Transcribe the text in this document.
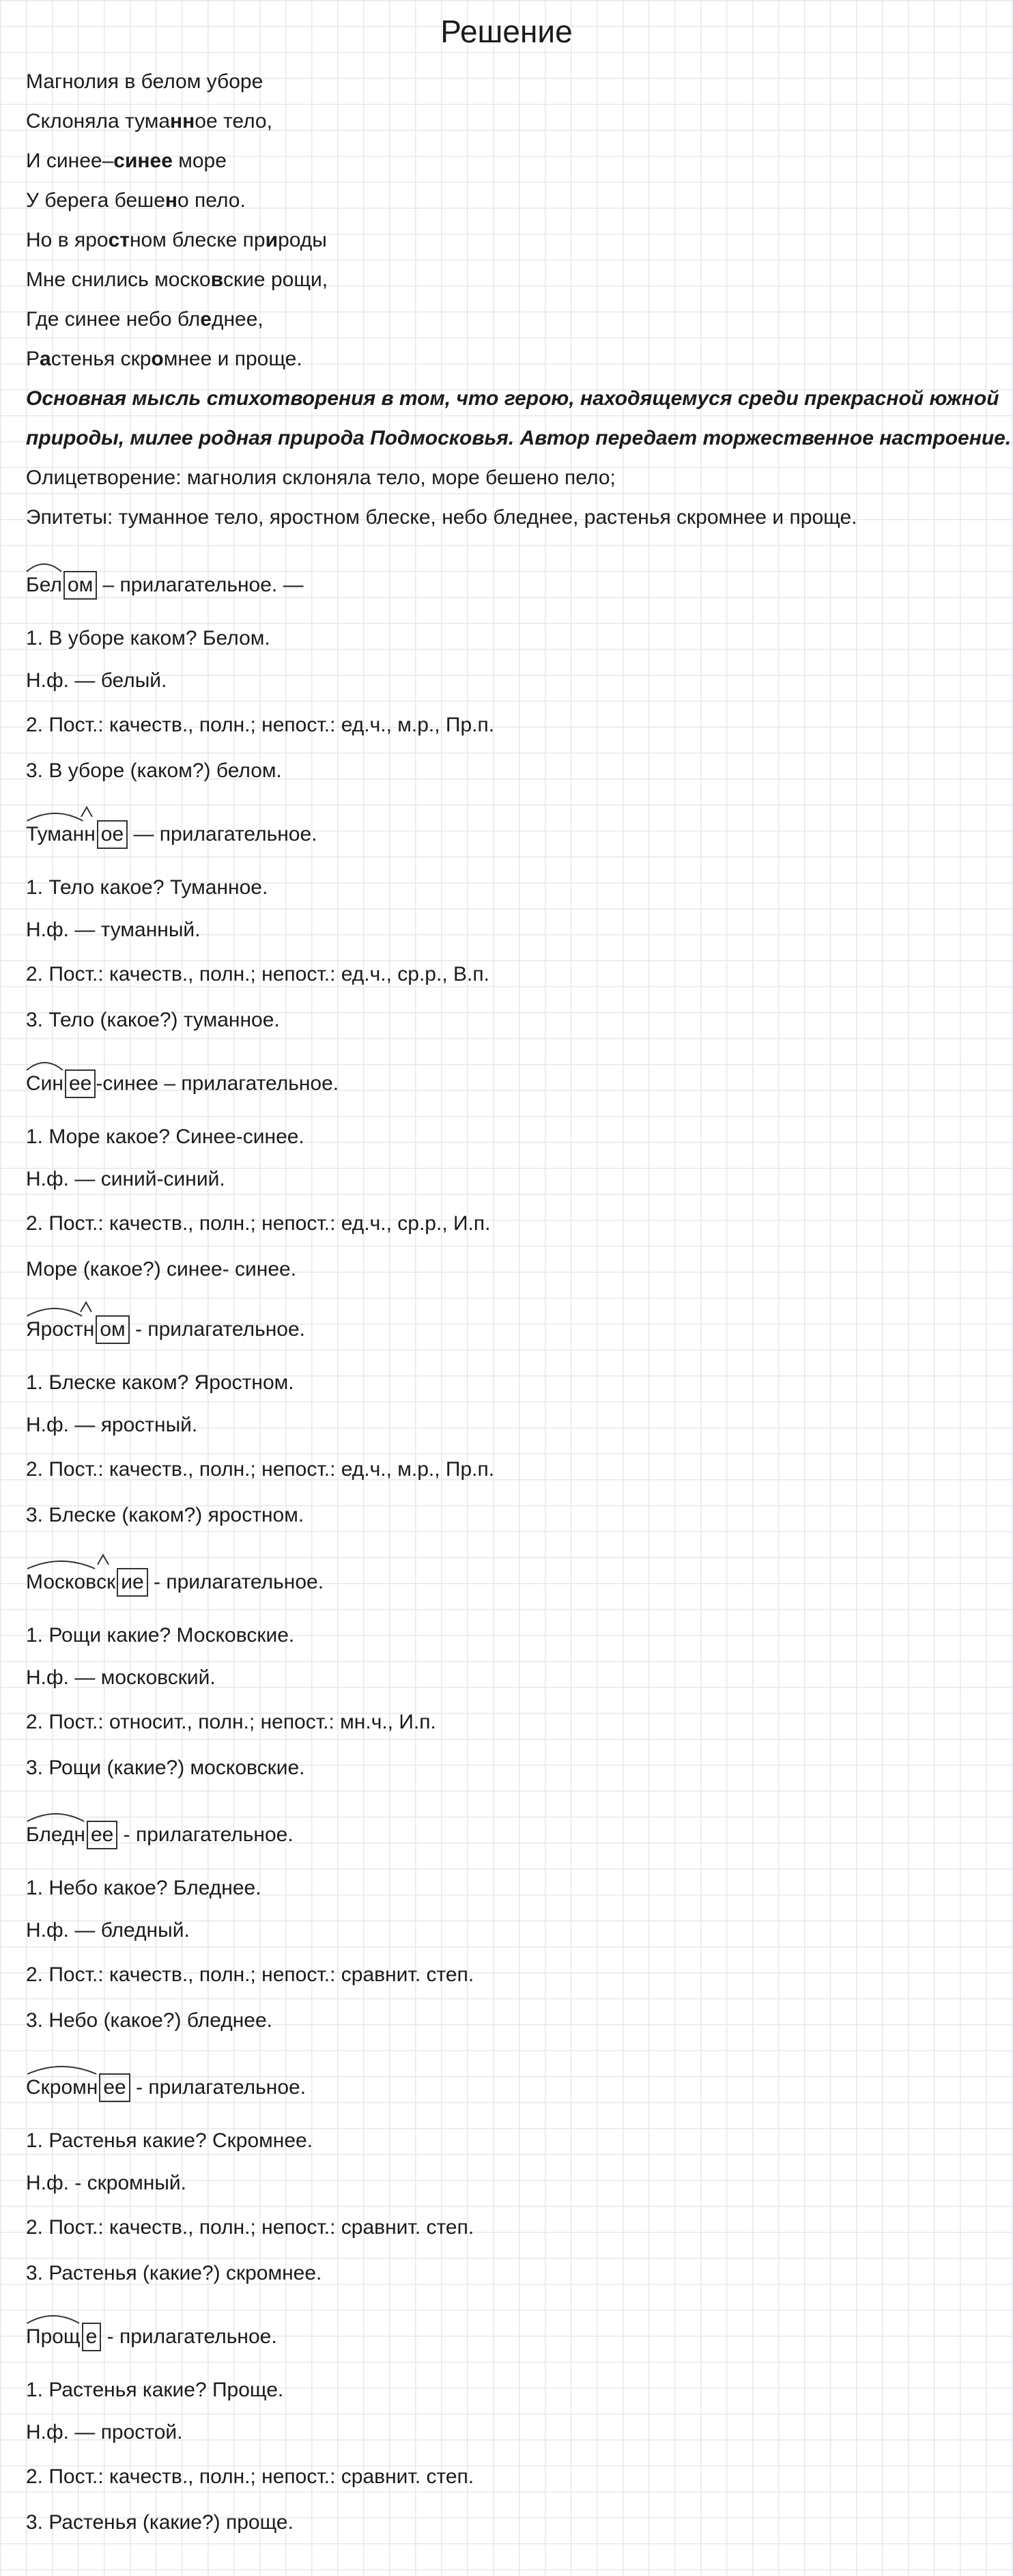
Решение
Магнолия в белом уборе
Склоняла туманное тело,
И синее–синее море
У берега бешено пело.
Но в яростном блеске природы
Мне снились московские рощи,
Где синее небо бледнее,
Растенья скромнее и проще.
Основная мысль стихотворения в том, что герою, находящемуся среди прекрасной южной
природы, милее родная природа Подмосковья. Автор передает торжественное настроение.
Олицетворение: магнолия склоняла тело, море бешено пело;
Эпитеты: туманное тело, яростном блеске, небо бледнее, растенья скромнее и проще.
Бел ом – прилагательное. —
1. В уборе каком? Белом.
Н.ф. — белый.
2. Пост.: качеств., полн.; непост.: ед.ч., м.р., Пр.п.
3. В уборе (каком?) белом.
Туман н ое — прилагательное.
1. Тело какое? Туманное.
Н.ф. — туманный.
2. Пост.: качеств., полн.; непост.: ед.ч., ср.р., В.п.
3. Тело (какое?) туманное.
Син ее -синее – прилагательное.
1. Море какое? Синее-синее.
Н.ф. — синий-синий.
2. Пост.: качеств., полн.; непост.: ед.ч., ср.р., И.п.
Море (какое?) синее- синее.
Ярост н ом - прилагательное.
1. Блеске каком? Яростном.
Н.ф. — яростный.
2. Пост.: качеств., полн.; непост.: ед.ч., м.р., Пр.п.
3. Блеске (каком?) яростном.
Москов ск ие - прилагательное.
1. Рощи какие? Московские.
Н.ф. — московский.
2. Пост.: относит., полн.; непост.: мн.ч., И.п.
3. Рощи (какие?) московские.
Бледн ее - прилагательное.
1. Небо какое? Бледнее.
Н.ф. — бледный.
2. Пост.: качеств., полн.; непост.: сравнит. степ.
3. Небо (какое?) бледнее.
Скромн ее - прилагательное.
1. Растенья какие? Скромнее.
Н.ф. - скромный.
2. Пост.: качеств., полн.; непост.: сравнит. степ.
3. Растенья (какие?) скромнее.
Прощ е - прилагательное.
1. Растенья какие? Проще.
Н.ф. — простой.
2. Пост.: качеств., полн.; непост.: сравнит. степ.
3. Растенья (какие?) проще.
